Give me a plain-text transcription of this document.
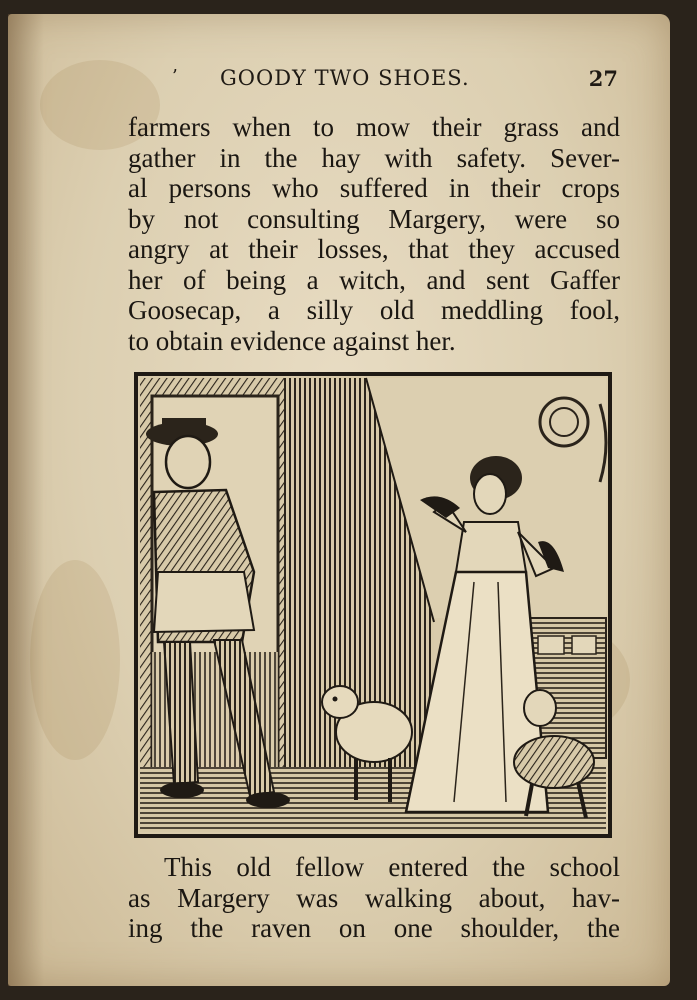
’ GOODY TWO SHOES.	27

farmers when to mow their grass and
gather in the hay with safety. Sever-
al persons who suffered in their crops
by not consulting Margery, were so
angry at their losses, that they accused
her of being a witch, and sent Gaffer
Goosecap, a silly old meddling fool,
to obtain evidence against her.

This old fellow entered the school
as Margery was walking about, hav-
ing the raven on one shoulder, the
